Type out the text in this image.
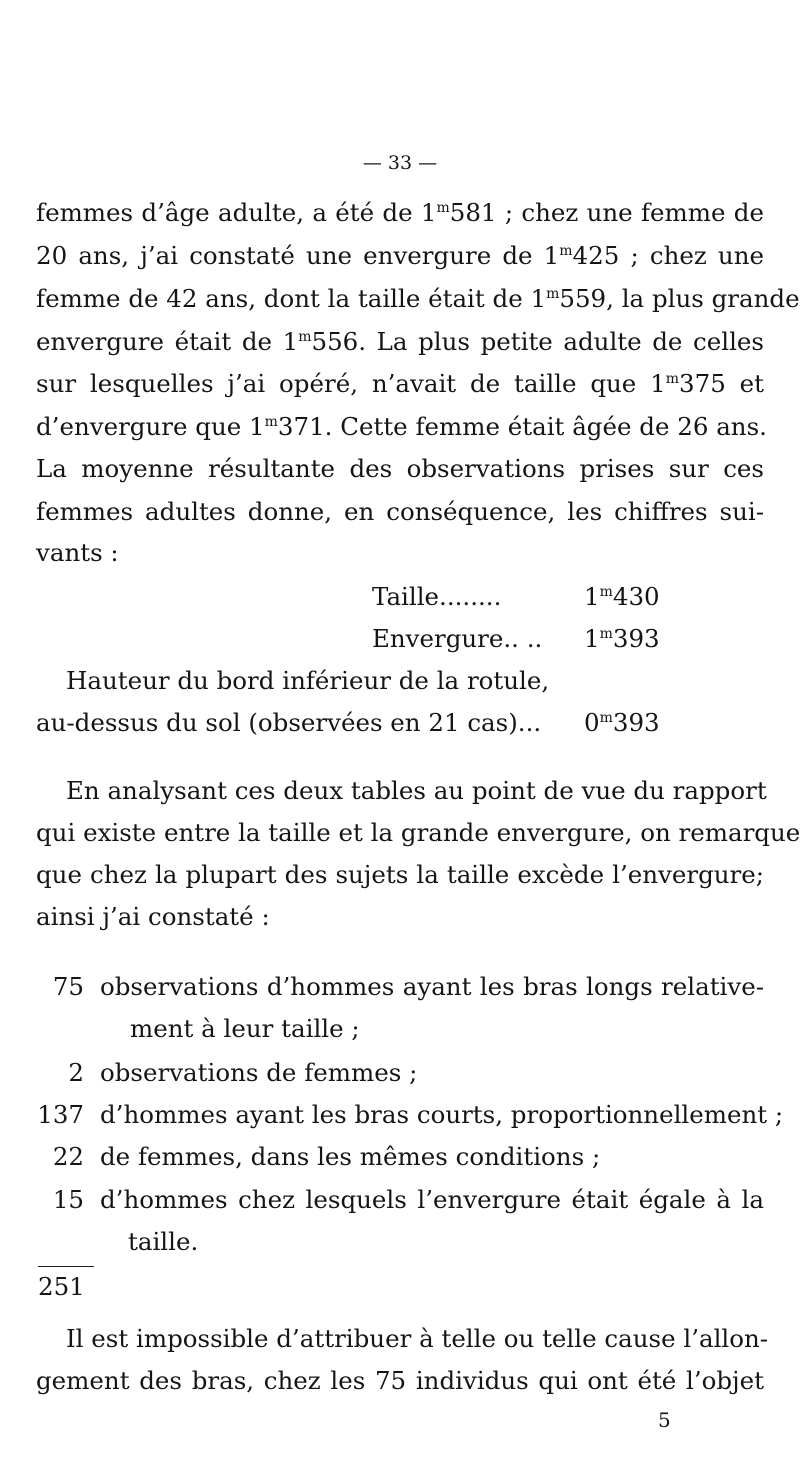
— 33 —
femmes d’âge adulte, a été de 1$^m$581 ; chez une femme de
20 ans, j’ai constaté une envergure de 1$^m$425 ; chez une
femme de 42 ans, dont la taille était de 1$^m$559, la plus grande
envergure était de 1$^m$556. La plus petite adulte de celles
sur lesquelles j’ai opéré, n’avait de taille que 1$^m$375 et
d’envergure que 1$^m$371. Cette femme était âgée de 26 ans.
La moyenne résultante des observations prises sur ces
femmes adultes donne, en conséquence, les chiffres sui-
vants :
Taille........	1$^m$430
Envergure.. .. 1$^m$393
Hauteur du bord inférieur de la rotule,
au-dessus du sol (observées en 21 cas)... 0$^m$393
En analysant ces deux tables au point de vue du rapport
qui existe entre la taille et la grande envergure, on remarque
que chez la plupart des sujets la taille excède l’envergure;
ainsi j’ai constaté :
75 observations d’hommes ayant les bras longs relative-
ment à leur taille ;
2 observations de femmes ;
137 d’hommes ayant les bras courts, proportionnellement ;
22 de femmes, dans les mêmes conditions ;
15 d’hommes chez lesquels l’envergure était égale à la
taille.
251
Il est impossible d’attribuer à telle ou telle cause l’allon-
gement des bras, chez les 75 individus qui ont été l’objet
5
